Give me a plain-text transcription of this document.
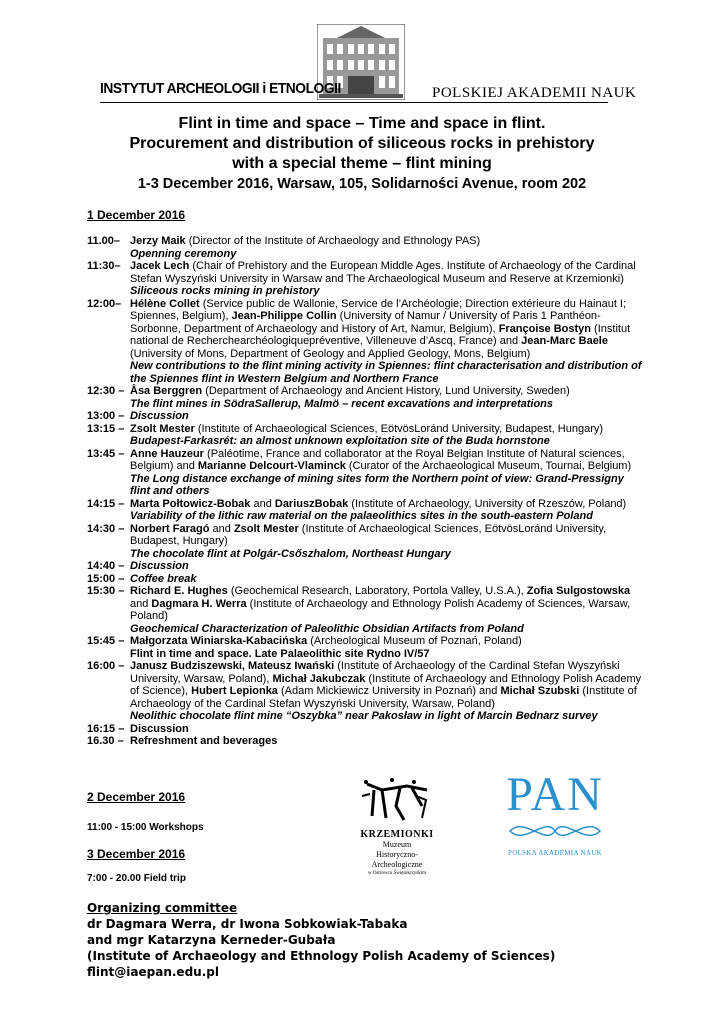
INSTYTUT ARCHEOLOGII i ETNOLOGII	POLSKIEJ AKADEMII NAUK
Flint in time and space – Time and space in flint.
Procurement and distribution of siliceous rocks in prehistory
with a special theme – flint mining
1-3 December 2016, Warsaw, 105, Solidarności Avenue, room 202
1 December 2016
11.00– Jerzy Maik (Director of the Institute of Archaeology and Ethnology PAS)
Openning ceremony
11:30– Jacek Lech (Chair of Prehistory and the European Middle Ages. Institute of Archaeology of the Cardinal Stefan Wyszyński University in Warsaw and The Archaeological Museum and Reserve at Krzemionki)
Siliceous rocks mining in prehistory
12:00– Hélène Collet (Service public de Wallonie, Service de l’Archéologie; Direction extérieure du Hainaut I; Spiennes, Belgium), Jean-Philippe Collin (University of Namur / University of Paris 1 Panthéon-Sorbonne, Department of Archaeology and History of Art, Namur, Belgium), Françoise Bostyn (Institut national de Recherchearchéologiquepréventive, Villeneuve d’Ascq, France) and Jean-Marc Baele (University of Mons, Department of Geology and Applied Geology, Mons, Belgium)
New contributions to the flint mining activity in Spiennes: flint characterisation and distribution of the Spiennes flint in Western Belgium and Northern France
12:30 – Åsa Berggren (Department of Archaeology and Ancient History, Lund University, Sweden)
The flint mines in SödraSallerup, Malmö – recent excavations and interpretations
13:00 – Discussion
13:15 – Zsolt Mester (Institute of Archaeological Sciences, EötvösLoránd University, Budapest, Hungary)
Budapest-Farkasrét: an almost unknown exploitation site of the Buda hornstone
13:45 – Anne Hauzeur (Paléotime, France and collaborator at the Royal Belgian Institute of Natural sciences, Belgium) and Marianne Delcourt-Vlaminck (Curator of the Archaeological Museum, Tournai, Belgium)
The Long distance exchange of mining sites form the Northern point of view: Grand-Pressigny flint and others
14:15 – Marta Połtowicz-Bobak and DariuszBobak (Institute of Archaeology, University of Rzeszów, Poland)
Variability of the lithic raw material on the palaeolithics sites in the south-eastern Poland
14:30 – Norbert Faragó and Zsolt Mester (Institute of Archaeological Sciences, EötvösLoránd University, Budapest, Hungary)
The chocolate flint at Polgár-Csőszhalom, Northeast Hungary
14:40 – Discussion
15:00 – Coffee break
15:30 – Richard E. Hughes (Geochemical Research, Laboratory, Portola Valley, U.S.A.), Zofia Sulgostowska and Dagmara H. Werra (Institute of Archaeology and Ethnology Polish Academy of Sciences, Warsaw, Poland)
Geochemical Characterization of Paleolithic Obsidian Artifacts from Poland
15:45 – Małgorzata Winiarska-Kabacińska (Archeological Museum of Poznań, Poland)
Flint in time and space. Late Palaeolithic site Rydno IV/57
16:00 – Janusz Budziszewski, Mateusz Iwański (Institute of Archaeology of the Cardinal Stefan Wyszyński University, Warsaw, Poland), Michał Jakubczak (Institute of Archaeology and Ethnology Polish Academy of Science), Hubert Lepionka (Adam Mickiewicz University in Poznań) and Michał Szubski (Institute of Archaeology of the Cardinal Stefan Wyszyński University, Warsaw, Poland)
Neolithic chocolate flint mine “Oszybka” near Pakosław in light of Marcin Bednarz survey
16:15 – Discussion
16.30 – Refreshment and beverages
2 December 2016
11:00 - 15:00 Workshops
3 December 2016
7:00 - 20.00 Field trip
KRZEMIONKI
Muzeum
Historyczno-Archeologiczne
w Ostrowcu Świętokrzyskim
PAN
POLSKA AKADEMIA NAUK
Organizing committee
dr Dagmara Werra, dr Iwona Sobkowiak-Tabaka
and mgr Katarzyna Kerneder-Gubała
(Institute of Archaeology and Ethnology Polish Academy of Sciences)
flint@iaepan.edu.pl
